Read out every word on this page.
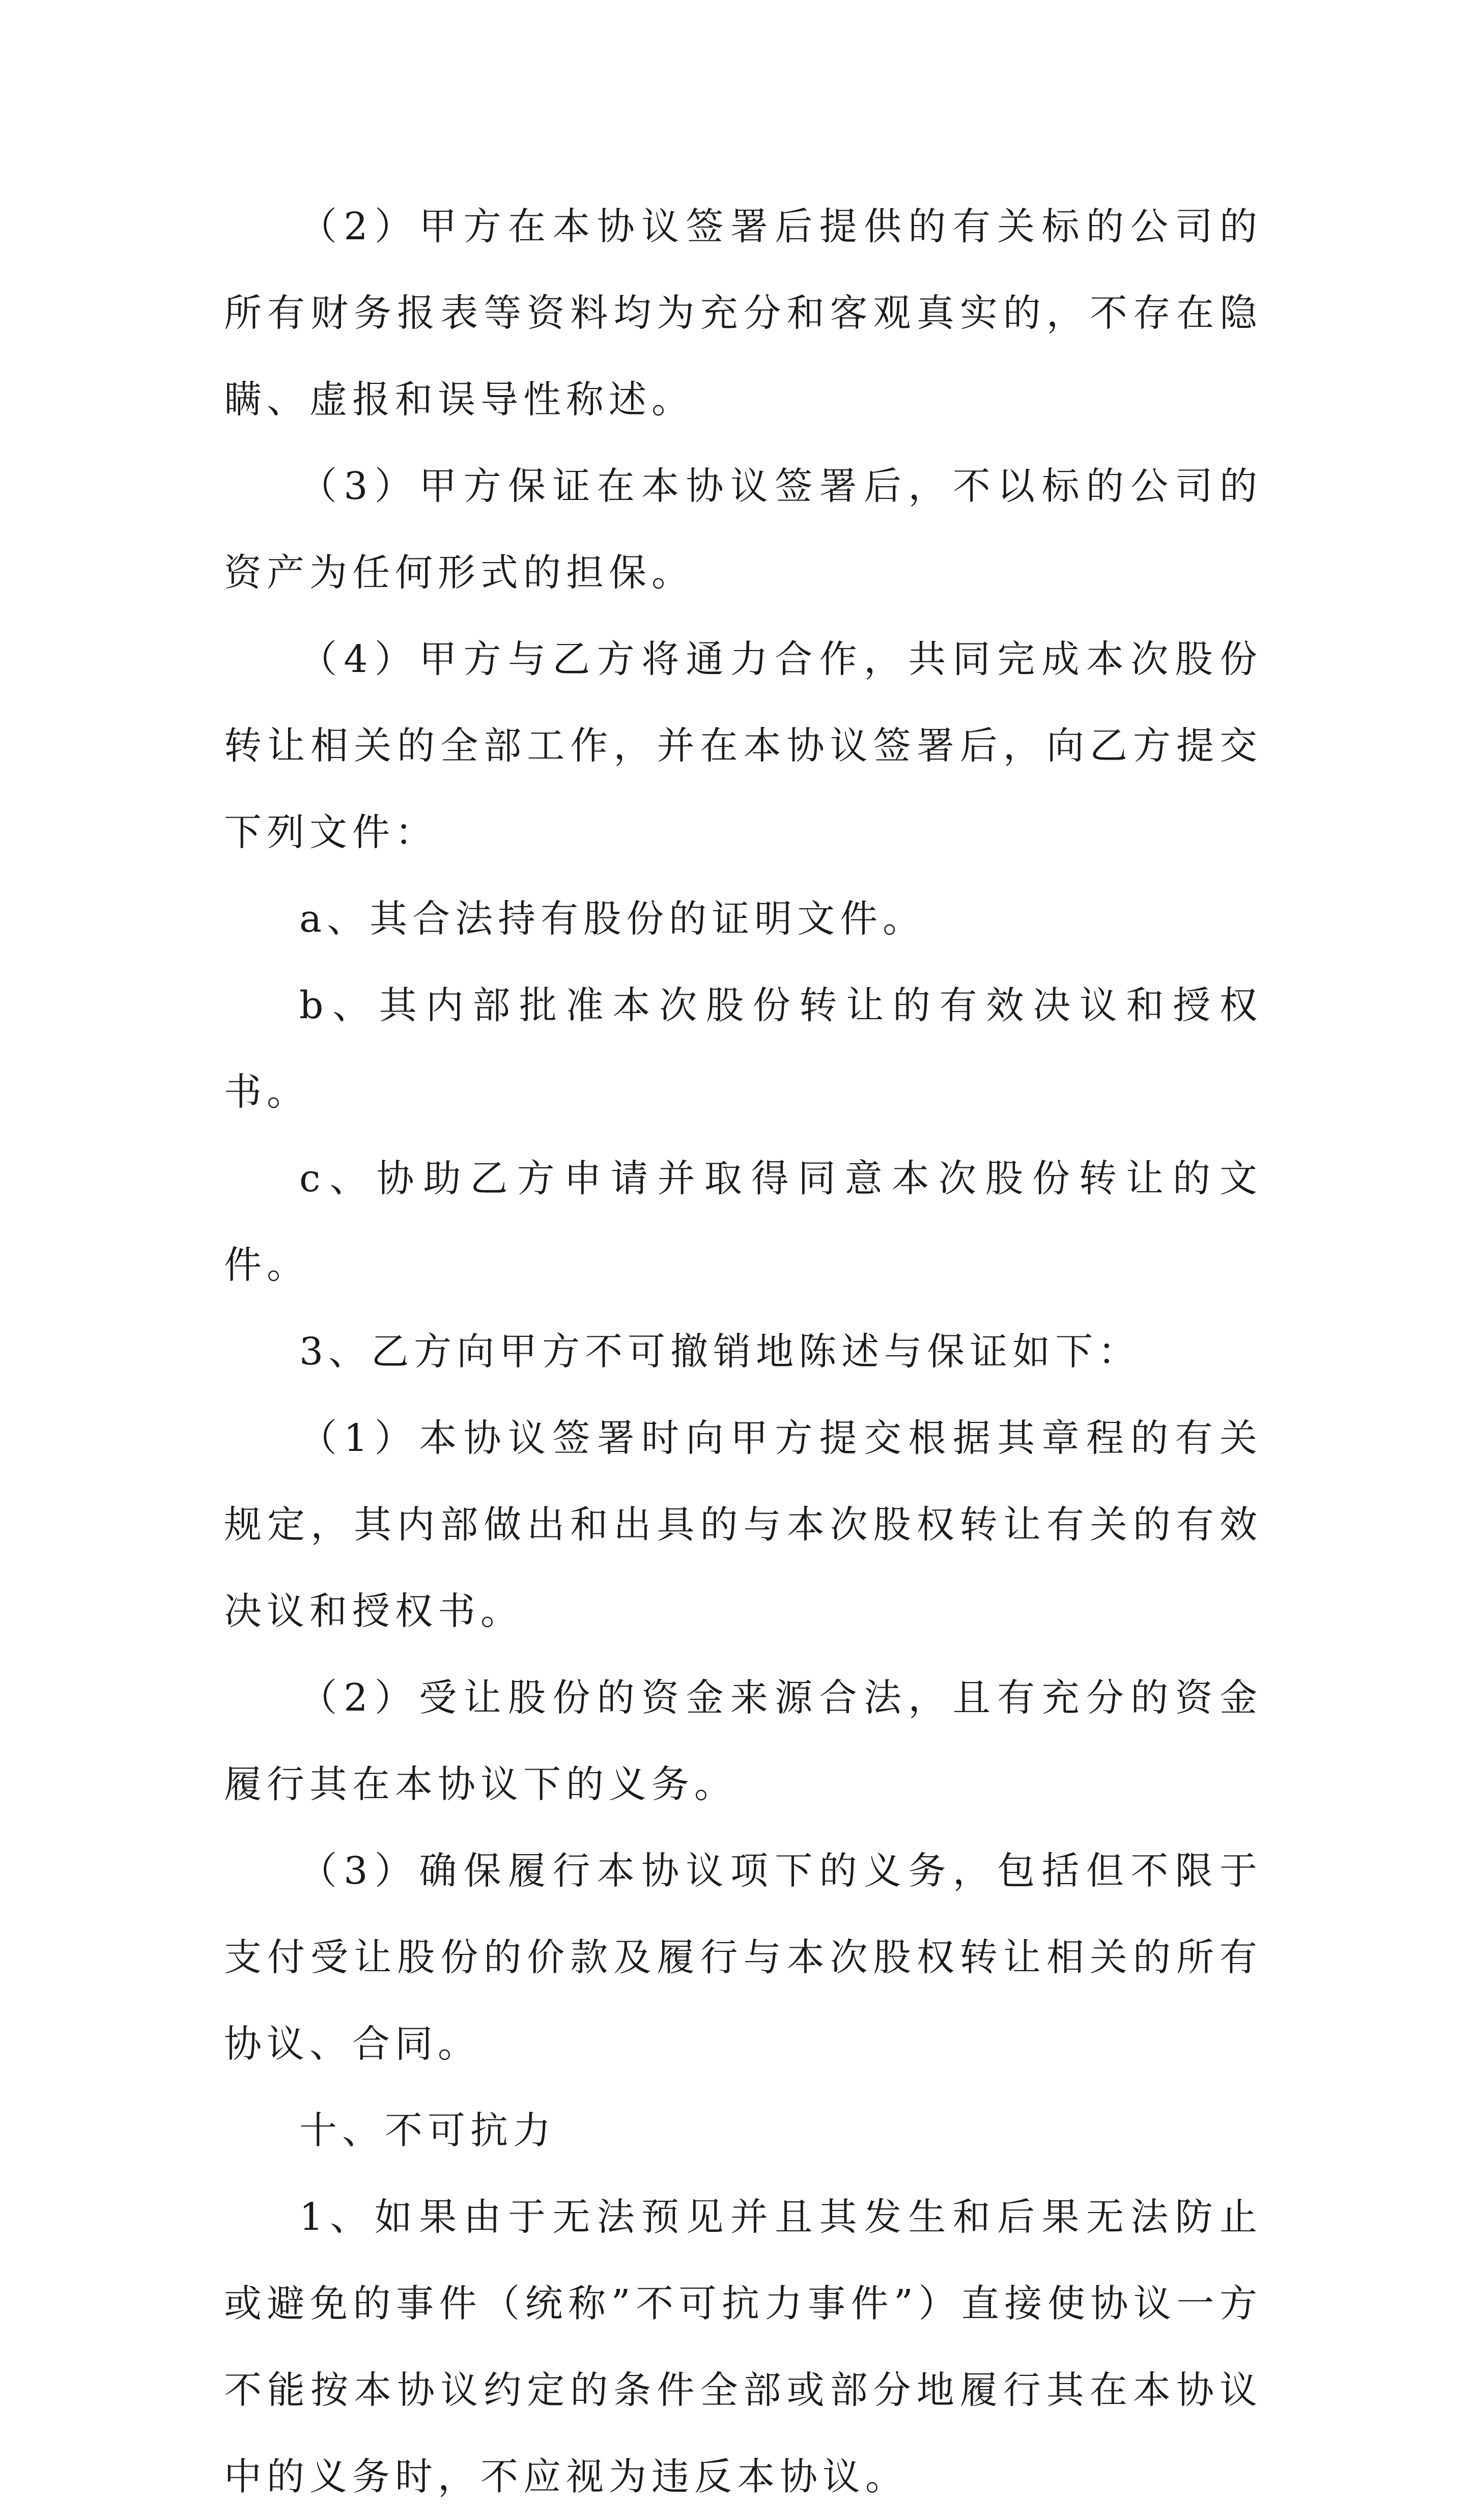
（2）甲方在本协议签署后提供的有关标的公司的所有财务报表等资料均为充分和客观真实的，不存在隐瞒、虚报和误导性称述。

（3）甲方保证在本协议签署后，不以标的公司的资产为任何形式的担保。

（4）甲方与乙方将通力合作，共同完成本次股份转让相关的全部工作，并在本协议签署后，向乙方提交下列文件：

a、其合法持有股份的证明文件。

b、其内部批准本次股份转让的有效决议和授权书。

c、协助乙方申请并取得同意本次股份转让的文件。

3、乙方向甲方不可撤销地陈述与保证如下：

（1）本协议签署时向甲方提交根据其章程的有关规定，其内部做出和出具的与本次股权转让有关的有效决议和授权书。

（2）受让股份的资金来源合法，且有充分的资金履行其在本协议下的义务。

（3）确保履行本协议项下的义务，包括但不限于支付受让股份的价款及履行与本次股权转让相关的所有协议、合同。

十、不可抗力

1、如果由于无法预见并且其发生和后果无法防止或避免的事件（统称”不可抗力事件”）直接使协议一方不能按本协议约定的条件全部或部分地履行其在本协议中的义务时，不应视为违反本协议。
